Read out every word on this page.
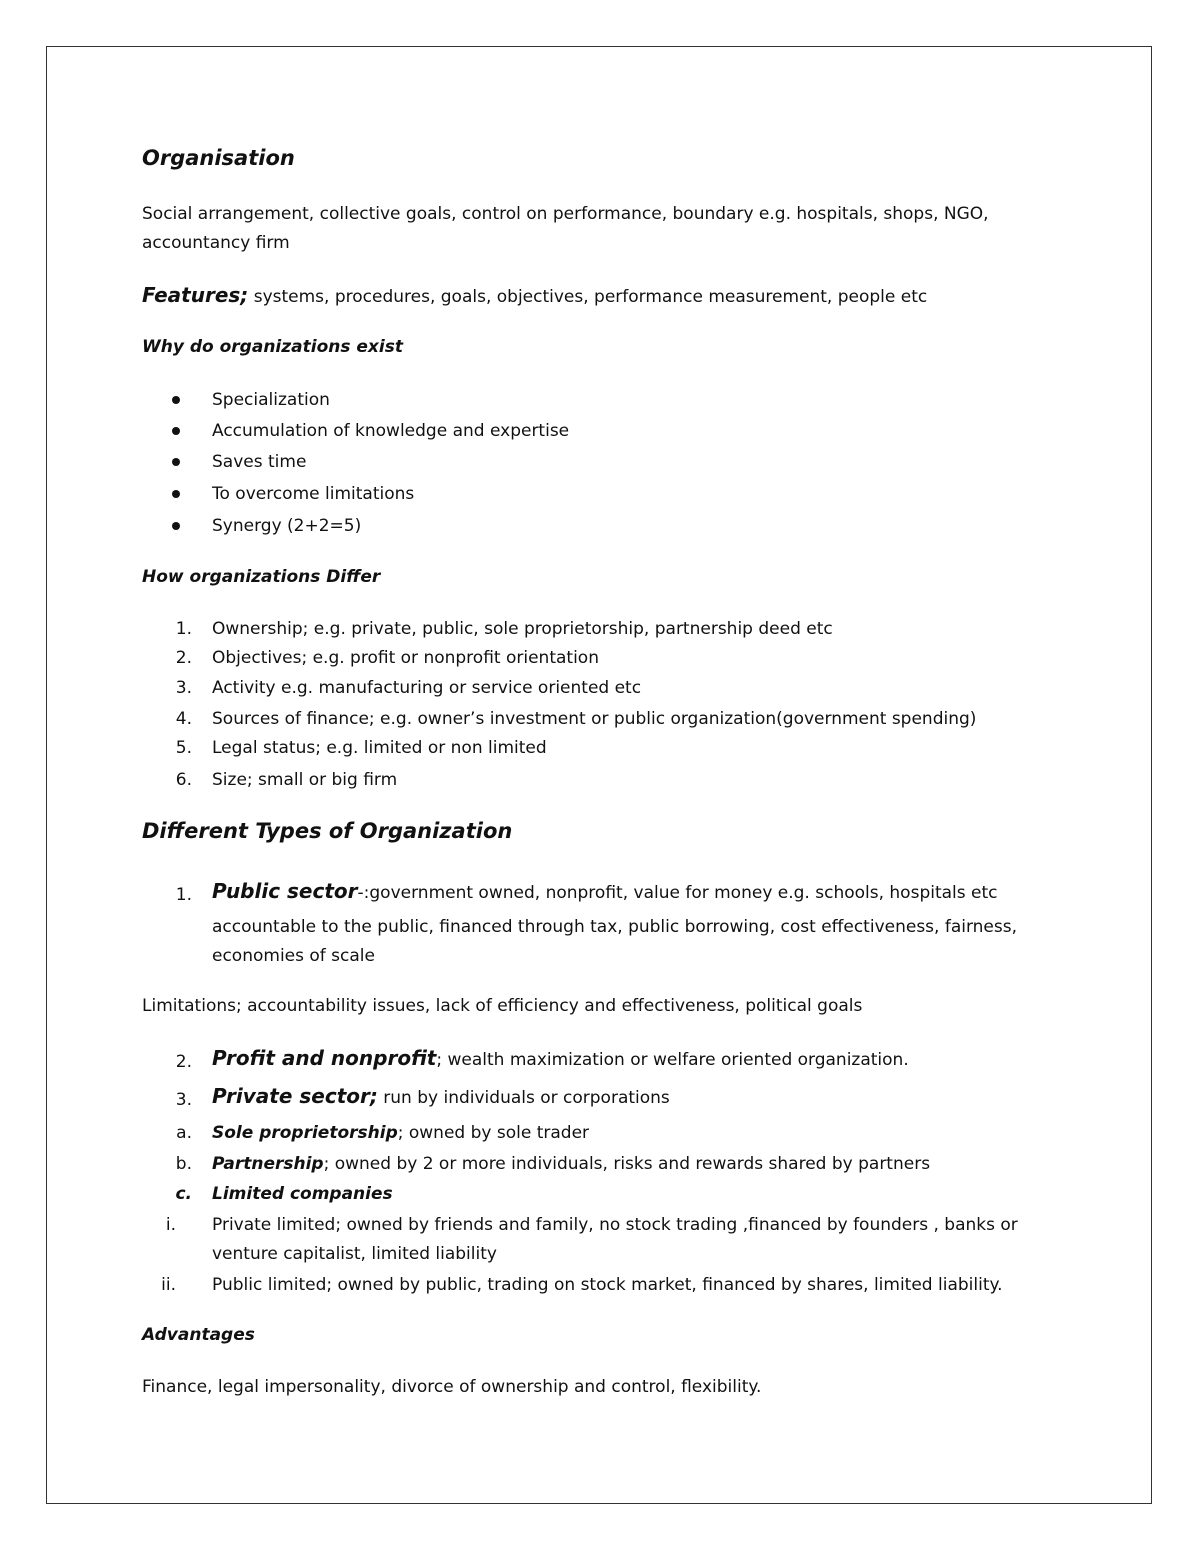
Organisation
Social arrangement, collective goals, control on performance, boundary e.g. hospitals, shops, NGO,
accountancy firm
Features; systems, procedures, goals, objectives, performance measurement, people etc
Why do organizations exist
Specialization
Accumulation of knowledge and expertise
Saves time
To overcome limitations
Synergy (2+2=5)
How organizations Differ
1. Ownership; e.g. private, public, sole proprietorship, partnership deed etc
2. Objectives; e.g. profit or nonprofit orientation
3. Activity e.g. manufacturing or service oriented etc
4. Sources of finance; e.g. owner’s investment or public organization(government spending)
5. Legal status; e.g. limited or non limited
6. Size; small or big firm
Different Types of Organization
1. Public sector-:government owned, nonprofit, value for money e.g. schools, hospitals etc
accountable to the public, financed through tax, public borrowing, cost effectiveness, fairness,
economies of scale
Limitations; accountability issues, lack of efficiency and effectiveness, political goals
2. Profit and nonprofit; wealth maximization or welfare oriented organization.
3. Private sector; run by individuals or corporations
a. Sole proprietorship; owned by sole trader
b. Partnership; owned by 2 or more individuals, risks and rewards shared by partners
c. Limited companies
i. Private limited; owned by friends and family, no stock trading ,financed by founders , banks or
venture capitalist, limited liability
ii. Public limited; owned by public, trading on stock market, financed by shares, limited liability.
Advantages
Finance, legal impersonality, divorce of ownership and control, flexibility.
